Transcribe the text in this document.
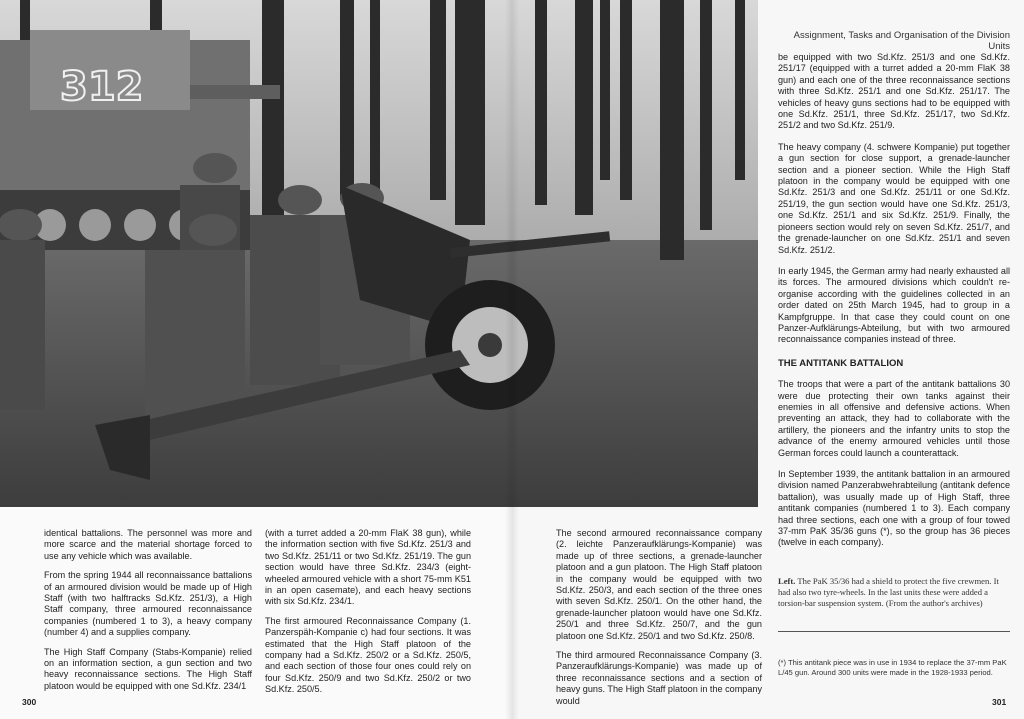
312
Assignment, Tasks and Organisation of the Division Units

identical battalions. The personnel was more and more scarce and the material shortage forced to use any vehicle which was available.

From the spring 1944 all reconnaissance battalions of an armoured division would be made up of High Staff (with two halftracks Sd.Kfz. 251/3), a High Staff company, three armoured reconnaissance companies (numbered 1 to 3), a heavy company (number 4) and a supplies company.

The High Staff Company (Stabs-Kompanie) relied on an information section, a gun section and two heavy reconnaissance sections. The High Staff platoon would be equipped with one Sd.Kfz. 234/1

(with a turret added a 20-mm FlaK 38 gun), while the information section with five Sd.Kfz. 251/3 and two Sd.Kfz. 251/11 or two Sd.Kfz. 251/19. The gun section would have three Sd.Kfz. 234/3 (eight-wheeled armoured vehicle with a short 75-mm K51 in an open casemate), and each heavy sections with six Sd.Kfz. 234/1.

The first armoured Reconnaissance Company (1. Panzerspäh-Kompanie c) had four sections. It was estimated that the High Staff platoon of the company had a Sd.Kfz. 250/2 or a Sd.Kfz. 250/5, and each section of those four ones could rely on four Sd.Kfz. 250/9 and two Sd.Kfz. 250/2 or two Sd.Kfz. 250/5.

The second armoured reconnaissance company (2. leichte Panzeraufklärungs-Kompanie) was made up of three sections, a grenade-launcher platoon and a gun platoon. The High Staff platoon in the company would be equipped with two Sd.Kfz. 250/3, and each section of the three ones with seven Sd.Kfz. 250/1. On the other hand, the grenade-launcher platoon would have one Sd.Kfz. 250/1 and three Sd.Kfz. 250/7, and the gun platoon one Sd.Kfz. 250/1 and two Sd.Kfz. 250/8.

The third armoured Reconnaissance Company (3. Panzeraufklärungs-Kompanie) was made up of three reconnaissance sections and a section of heavy guns. The High Staff platoon in the company would

be equipped with two Sd.Kfz. 251/3 and one Sd.Kfz. 251/17 (equipped with a turret added a 20-mm FlaK 38 gun) and each one of the three reconnaissance sections with three Sd.Kfz. 251/1 and one Sd.Kfz. 251/17. The vehicles of heavy guns sections had to be equipped with one Sd.Kfz. 251/1, three Sd.Kfz. 251/17, two Sd.Kfz. 251/2 and two Sd.Kfz. 251/9.

The heavy company (4. schwere Kompanie) put together a gun section for close support, a grenade-launcher section and a pioneer section. While the High Staff platoon in the company would be equipped with one Sd.Kfz. 251/3 and one Sd.Kfz. 251/11 or one Sd.Kfz. 251/19, the gun section would have one Sd.Kfz. 251/3, one Sd.Kfz. 251/1 and six Sd.Kfz. 251/9. Finally, the pioneers section would rely on seven Sd.Kfz. 251/7, and the grenade-launcher on one Sd.Kfz. 251/1 and seven Sd.Kfz. 251/2.

In early 1945, the German army had nearly exhausted all its forces. The armoured divisions which couldn't re-organise according with the guidelines collected in an order dated on 25th March 1945, had to group in a Kampfgruppe. In that case they could count on one Panzer-Aufklärungs-Abteilung, but with two armoured reconnaissance companies instead of three.

THE ANTITANK BATTALION

The troops that were a part of the antitank battalions 30 were due protecting their own tanks against their enemies in all offensive and defensive actions. When preventing an attack, they had to collaborate with the artillery, the pioneers and the infantry units to stop the advance of the enemy armoured vehicles until those German forces could launch a counterattack.

In September 1939, the antitank battalion in an armoured division named Panzerabwehrabteilung (antitank defence battalion), was usually made up of High Staff, three antitank companies (numbered 1 to 3). Each company had three sections, each one with a group of four towed 37-mm PaK 35/36 guns (*), so the group has 36 pieces (twelve in each company).

Left. The PaK 35/36 had a shield to protect the five crewmen. It had also two tyre-wheels. In the last units these were added a torsion-bar suspension system. (From the author's archives)
(*) This antitank piece was in use in 1934 to replace the 37-mm PaK L/45 gun. Around 300 units were made in the 1928-1933 period.
300	301
